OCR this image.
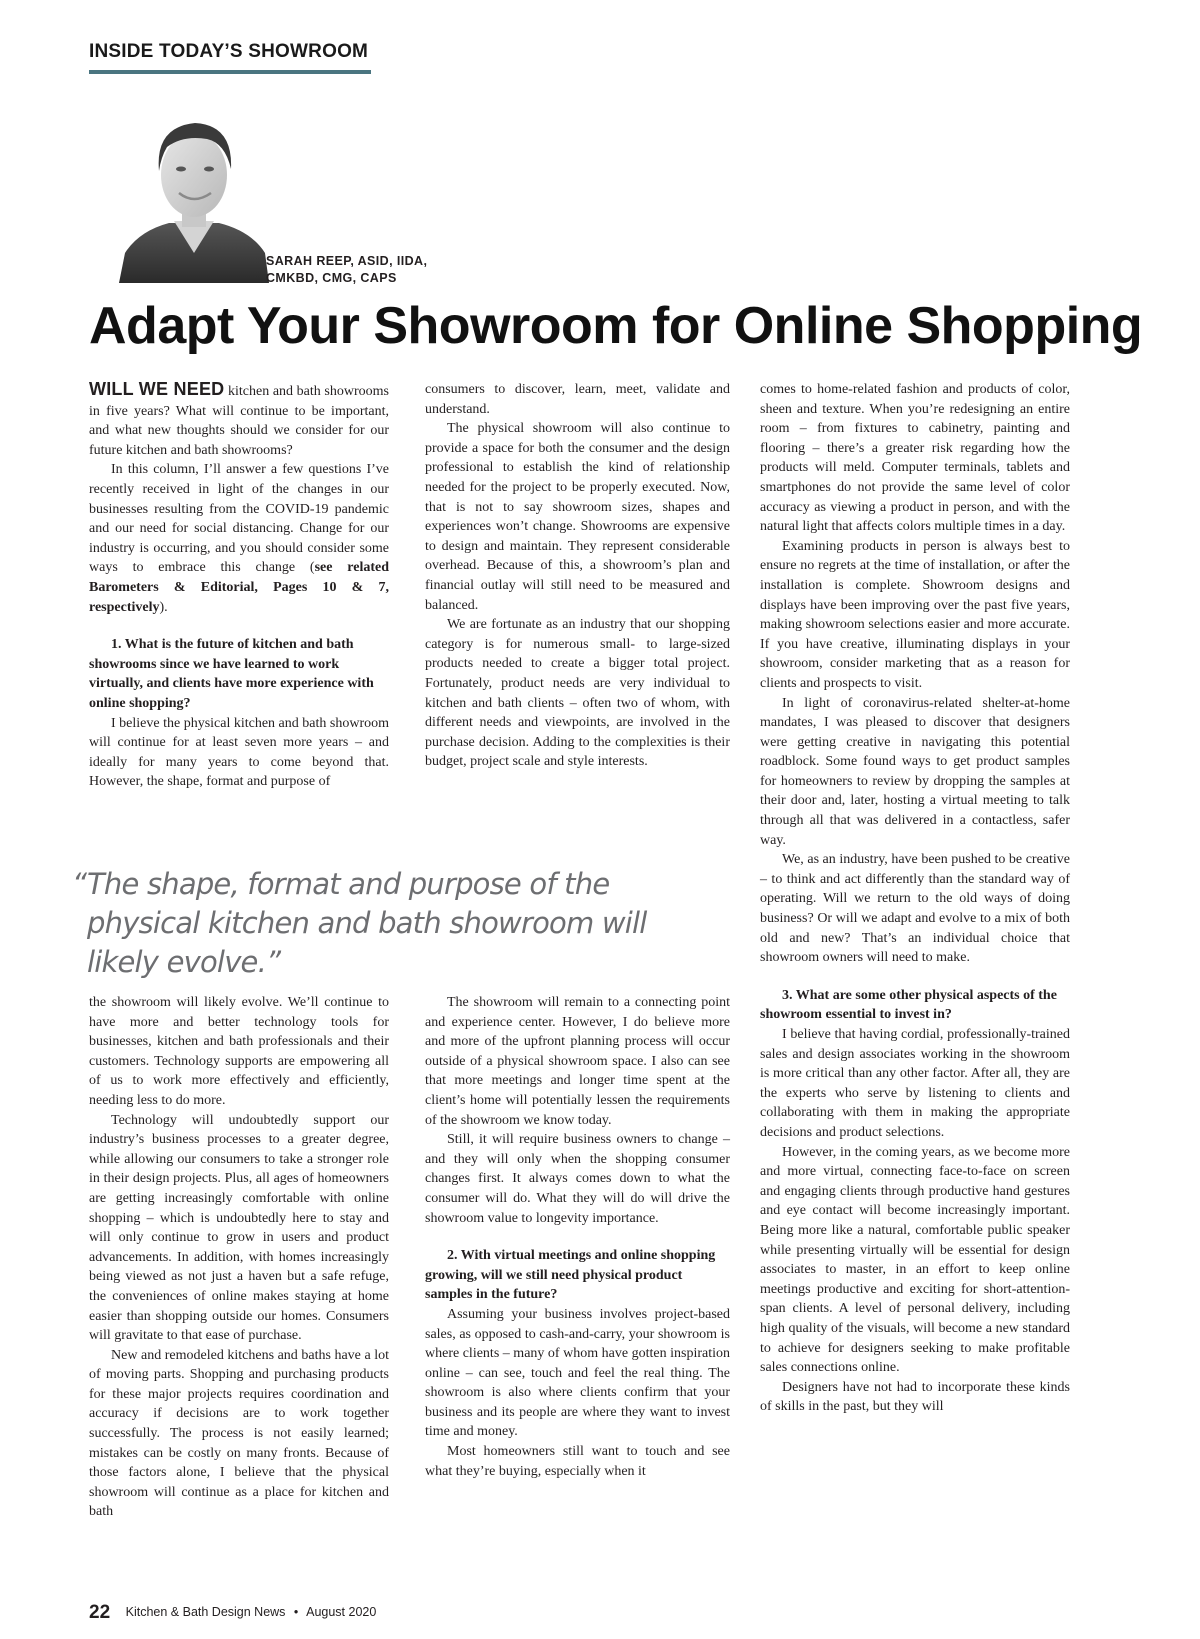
INSIDE TODAY’S SHOWROOM
SARAH REEP, ASID, IIDA,
CMKBD, CMG, CAPS
Adapt Your Showroom for Online Shopping

WILL WE NEED kitchen and bath showrooms in five years? What will continue to be important, and what new thoughts should we consider for our future kitchen and bath showrooms?

In this column, I’ll answer a few questions I’ve recently received in light of the changes in our businesses resulting from the COVID-19 pandemic and our need for social distancing. Change for our industry is occurring, and you should consider some ways to embrace this change (see related Barometers & Editorial, Pages 10 & 7, respectively).

1. What is the future of kitchen and bath showrooms since we have learned to work virtually, and clients have more experience with online shopping?

I believe the physical kitchen and bath showroom will continue for at least seven more years – and ideally for many years to come beyond that. However, the shape, format and purpose of

consumers to discover, learn, meet, validate and understand.

The physical showroom will also continue to provide a space for both the consumer and the design professional to establish the kind of relationship needed for the project to be properly executed. Now, that is not to say showroom sizes, shapes and experiences won’t change. Showrooms are expensive to design and maintain. They represent considerable overhead. Because of this, a showroom’s plan and financial outlay will still need to be measured and balanced.

We are fortunate as an industry that our shopping category is for numerous small- to large-sized products needed to create a bigger total project. Fortunately, product needs are very individual to kitchen and bath clients – often two of whom, with different needs and viewpoints, are involved in the purchase decision. Adding to the complexities is their budget, project scale and style interests.

“ The shape, format and purpose of the physical kitchen and bath showroom will likely evolve.”

the showroom will likely evolve. We’ll continue to have more and better technology tools for businesses, kitchen and bath professionals and their customers. Technology supports are empowering all of us to work more effectively and efficiently, needing less to do more.

Technology will undoubtedly support our industry’s business processes to a greater degree, while allowing our consumers to take a stronger role in their design projects. Plus, all ages of homeowners are getting increasingly comfortable with online shopping – which is undoubtedly here to stay and will only continue to grow in users and product advancements. In addition, with homes increasingly being viewed as not just a haven but a safe refuge, the conveniences of online makes staying at home easier than shopping outside our homes. Consumers will gravitate to that ease of purchase.

New and remodeled kitchens and baths have a lot of moving parts. Shopping and purchasing products for these major projects requires coordination and accuracy if decisions are to work together successfully. The process is not easily learned; mistakes can be costly on many fronts. Because of those factors alone, I believe that the physical showroom will continue as a place for kitchen and bath

The showroom will remain to a connecting point and experience center. However, I do believe more and more of the upfront planning process will occur outside of a physical showroom space. I also can see that more meetings and longer time spent at the client’s home will potentially lessen the requirements of the showroom we know today.

Still, it will require business owners to change – and they will only when the shopping consumer changes first. It always comes down to what the consumer will do. What they will do will drive the showroom value to longevity importance.

2. With virtual meetings and online shopping growing, will we still need physical product samples in the future?

Assuming your business involves project-based sales, as opposed to cash-and-carry, your showroom is where clients – many of whom have gotten inspiration online – can see, touch and feel the real thing. The showroom is also where clients confirm that your business and its people are where they want to invest time and money.

Most homeowners still want to touch and see what they’re buying, especially when it

comes to home-related fashion and products of color, sheen and texture. When you’re redesigning an entire room – from fixtures to cabinetry, painting and flooring – there’s a greater risk regarding how the products will meld. Computer terminals, tablets and smartphones do not provide the same level of color accuracy as viewing a product in person, and with the natural light that affects colors multiple times in a day.

Examining products in person is always best to ensure no regrets at the time of installation, or after the installation is complete. Showroom designs and displays have been improving over the past five years, making showroom selections easier and more accurate. If you have creative, illuminating displays in your showroom, consider marketing that as a reason for clients and prospects to visit.

In light of coronavirus-related shelter-at-home mandates, I was pleased to discover that designers were getting creative in navigating this potential roadblock. Some found ways to get product samples for homeowners to review by dropping the samples at their door and, later, hosting a virtual meeting to talk through all that was delivered in a contactless, safer way.

We, as an industry, have been pushed to be creative – to think and act differently than the standard way of operating. Will we return to the old ways of doing business? Or will we adapt and evolve to a mix of both old and new? That’s an individual choice that showroom owners will need to make.

3. What are some other physical aspects of the showroom essential to invest in?

I believe that having cordial, professionally-trained sales and design associates working in the showroom is more critical than any other factor. After all, they are the experts who serve by listening to clients and collaborating with them in making the appropriate decisions and product selections.

However, in the coming years, as we become more and more virtual, connecting face-to-face on screen and engaging clients through productive hand gestures and eye contact will become increasingly important. Being more like a natural, comfortable public speaker while presenting virtually will be essential for design associates to master, in an effort to keep online meetings productive and exciting for short-attention-span clients. A level of personal delivery, including high quality of the visuals, will become a new standard to achieve for designers seeking to make profitable sales connections online.

Designers have not had to incorporate these kinds of skills in the past, but they will

22 Kitchen & Bath Design News • August 2020
